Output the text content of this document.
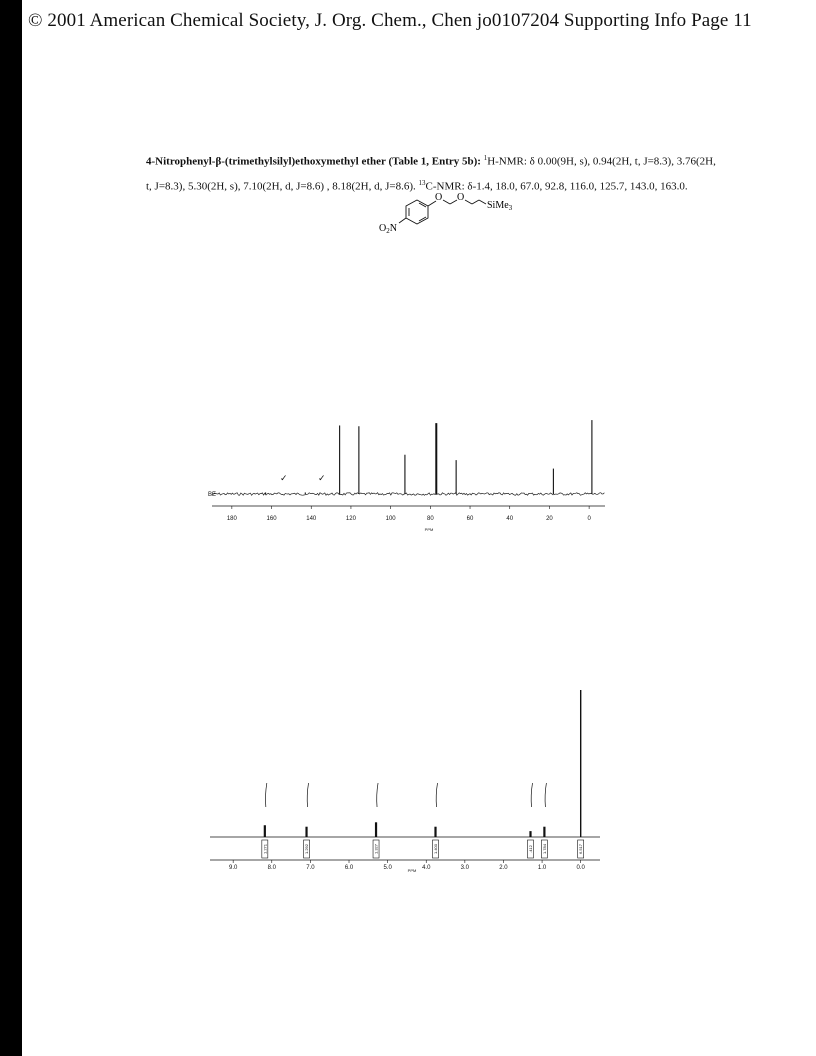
© 2001 American Chemical Society, J. Org. Chem., Chen jo0107204 Supporting Info Page 11
4-Nitrophenyl-β-(trimethylsilyl)ethoxymethyl ether (Table 1, Entry 5b): $^1$H-NMR: δ 0.00(9H, s), 0.94(2H, t, J=8.3), 3.76(2H, t, J=8.3), 5.30(2H, s), 7.10(2H, d, J=8.6) , 8.18(2H, d, J=8.6). $^{13}$C-NMR: δ-1.4, 18.0, 67.0, 92.8, 116.0, 125.7, 143.0, 163.0.
$O_2N$
O O
SiMe$_3$
180	160	140	120	100	80	60	40	20	0
BE
✓	✓
PPM
1.271	1.292	1.327	1.400	.412 1.784	6.517
9.0	8.0	7.0	6.0	5.0	4.0	3.0	2.0	1.0	0.0
PPM
